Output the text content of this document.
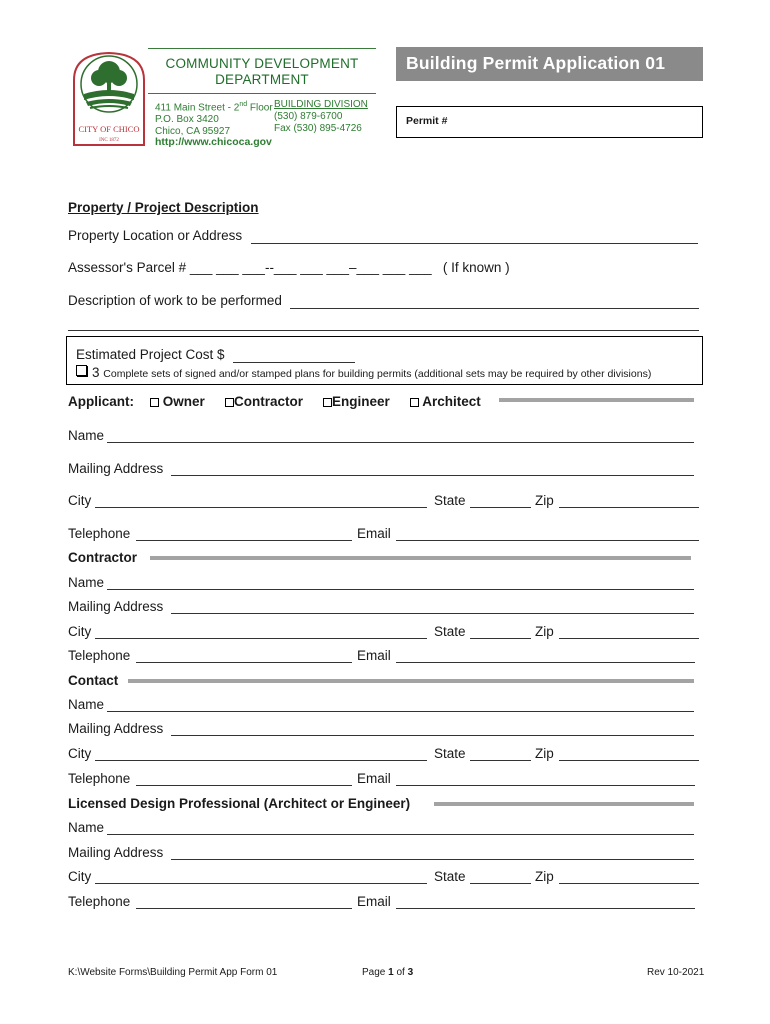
CITY OF CHICO
INC 1872
COMMUNITY DEVELOPMENT
DEPARTMENT
411 Main Street - 2nd Floor
P.O. Box 3420
Chico, CA 95927
BUILDING DIVISION
(530) 879-6700
Fax (530) 895-4726
http://www.chicoca.gov
Building Permit Application 01
Permit #
Property / Project Description
Property Location or Address
Assessor's Parcel # ___ ___ ___--___ ___ ___–___ ___ ___ ( If known )
Description of work to be performed
Estimated Project Cost $
3 Complete sets of signed and/or stamped plans for building permits (additional sets may be required by other divisions)
Applicant:	Owner	Contractor	Engineer	Architect
Name
Mailing Address
City	State	Zip
Telephone	Email
Contractor
Name
Mailing Address
City	State	Zip
Telephone	Email
Contact
Name
Mailing Address
City	State	Zip
Telephone	Email
Licensed Design Professional (Architect or Engineer)
Name
Mailing Address
City	State	Zip
Telephone	Email
K:\Website Forms\Building Permit App Form 01	Page 1 of 3	Rev 10-2021
